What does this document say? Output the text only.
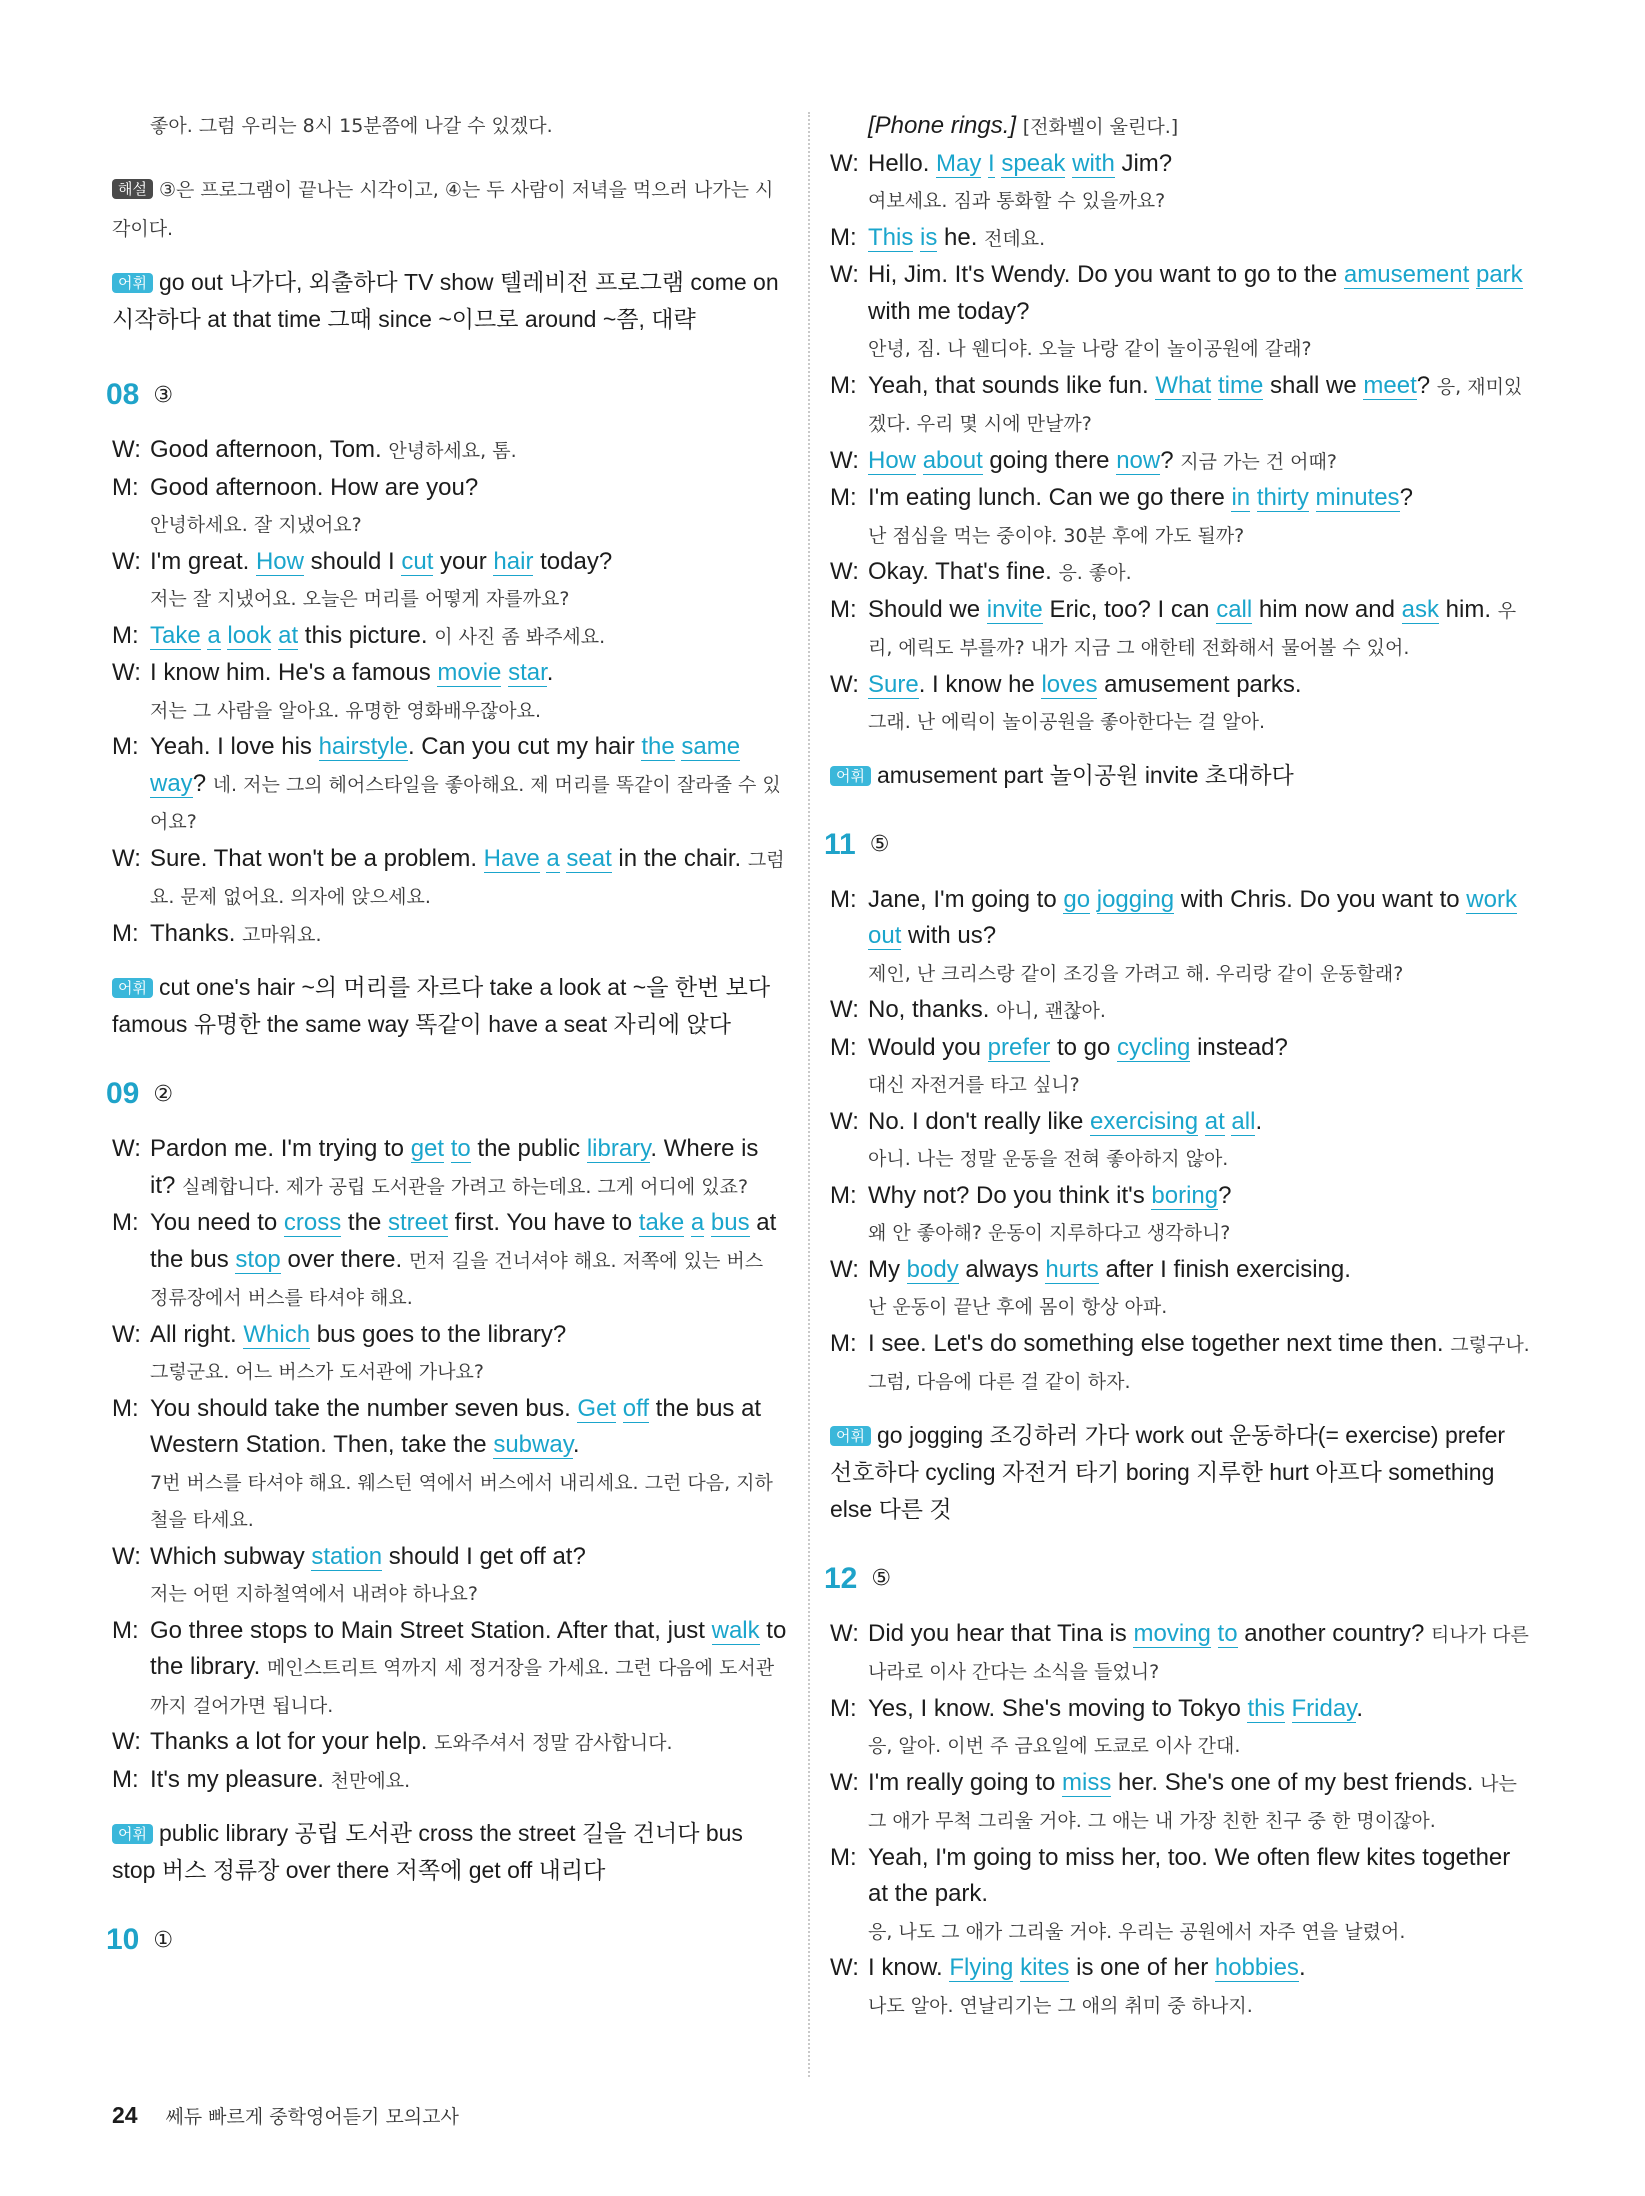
좋아. 그럼 우리는 8시 15분쯤에 나갈 수 있겠다.

해설 ③은 프로그램이 끝나는 시각이고, ④는 두 사람이 저녁을 먹으러 나가는 시각이다.

어휘 go out 나가다, 외출하다 TV show 텔레비전 프로그램 come on 시작하다 at that time 그때 since ~이므로 around ~쯤, 대략

08 ③
W: Good afternoon, Tom. 안녕하세요, 톰.
M: Good afternoon. How are you?
안녕하세요. 잘 지냈어요?
W: I'm great. How should I cut your hair today?
저는 잘 지냈어요. 오늘은 머리를 어떻게 자를까요?
M: Take a look at this picture. 이 사진 좀 봐주세요.
W: I know him. He's a famous movie star.
저는 그 사람을 알아요. 유명한 영화배우잖아요.
M: Yeah. I love his hairstyle. Can you cut my hair the same way? 네. 저는 그의 헤어스타일을 좋아해요. 제 머리를 똑같이 잘라줄 수 있어요?
W: Sure. That won't be a problem. Have a seat in the chair. 그럼요. 문제 없어요. 의자에 앉으세요.
M: Thanks. 고마워요.

어휘 cut one's hair ~의 머리를 자르다 take a look at ~을 한번 보다 famous 유명한 the same way 똑같이 have a seat 자리에 앉다

09 ②
W: Pardon me. I'm trying to get to the public library. Where is it? 실례합니다. 제가 공립 도서관을 가려고 하는데요. 그게 어디에 있죠?
M: You need to cross the street first. You have to take a bus at the bus stop over there. 먼저 길을 건너셔야 해요. 저쪽에 있는 버스 정류장에서 버스를 타셔야 해요.
W: All right. Which bus goes to the library?
그렇군요. 어느 버스가 도서관에 가나요?
M: You should take the number seven bus. Get off the bus at Western Station. Then, take the subway.
7번 버스를 타셔야 해요. 웨스턴 역에서 버스에서 내리세요. 그런 다음, 지하철을 타세요.
W: Which subway station should I get off at?
저는 어떤 지하철역에서 내려야 하나요?
M: Go three stops to Main Street Station. After that, just walk to the library. 메인스트리트 역까지 세 정거장을 가세요. 그런 다음에 도서관까지 걸어가면 됩니다.
W: Thanks a lot for your help. 도와주셔서 정말 감사합니다.
M: It's my pleasure. 천만에요.

어휘 public library 공립 도서관 cross the street 길을 건너다 bus stop 버스 정류장 over there 저쪽에 get off 내리다

10 ①
[Phone rings.] [전화벨이 울린다.]
W: Hello. May I speak with Jim?
여보세요. 짐과 통화할 수 있을까요?
M: This is he. 전데요.
W: Hi, Jim. It's Wendy. Do you want to go to the amusement park with me today?
안녕, 짐. 나 웬디야. 오늘 나랑 같이 놀이공원에 갈래?
M: Yeah, that sounds like fun. What time shall we meet? 응, 재미있겠다. 우리 몇 시에 만날까?
W: How about going there now? 지금 가는 건 어때?
M: I'm eating lunch. Can we go there in thirty minutes?
난 점심을 먹는 중이야. 30분 후에 가도 될까?
W: Okay. That's fine. 응. 좋아.
M: Should we invite Eric, too? I can call him now and ask him. 우리, 에릭도 부를까? 내가 지금 그 애한테 전화해서 물어볼 수 있어.
W: Sure. I know he loves amusement parks.
그래. 난 에릭이 놀이공원을 좋아한다는 걸 알아.

어휘 amusement part 놀이공원 invite 초대하다

11 ⑤
M: Jane, I'm going to go jogging with Chris. Do you want to work out with us?
제인, 난 크리스랑 같이 조깅을 가려고 해. 우리랑 같이 운동할래?
W: No, thanks. 아니, 괜찮아.
M: Would you prefer to go cycling instead?
대신 자전거를 타고 싶니?
W: No. I don't really like exercising at all.
아니. 나는 정말 운동을 전혀 좋아하지 않아.
M: Why not? Do you think it's boring?
왜 안 좋아해? 운동이 지루하다고 생각하니?
W: My body always hurts after I finish exercising.
난 운동이 끝난 후에 몸이 항상 아파.
M: I see. Let's do something else together next time then. 그렇구나. 그럼, 다음에 다른 걸 같이 하자.

어휘 go jogging 조깅하러 가다 work out 운동하다(= exercise) prefer 선호하다 cycling 자전거 타기 boring 지루한 hurt 아프다 something else 다른 것

12 ⑤
W: Did you hear that Tina is moving to another country? 티나가 다른 나라로 이사 간다는 소식을 들었니?
M: Yes, I know. She's moving to Tokyo this Friday.
응, 알아. 이번 주 금요일에 도쿄로 이사 간대.
W: I'm really going to miss her. She's one of my best friends. 나는 그 애가 무척 그리울 거야. 그 애는 내 가장 친한 친구 중 한 명이잖아.
M: Yeah, I'm going to miss her, too. We often flew kites together at the park.
응, 나도 그 애가 그리울 거야. 우리는 공원에서 자주 연을 날렸어.
W: I know. Flying kites is one of her hobbies.
나도 알아. 연날리기는 그 애의 취미 중 하나지.
24 쎄듀 빠르게 중학영어듣기 모의고사
